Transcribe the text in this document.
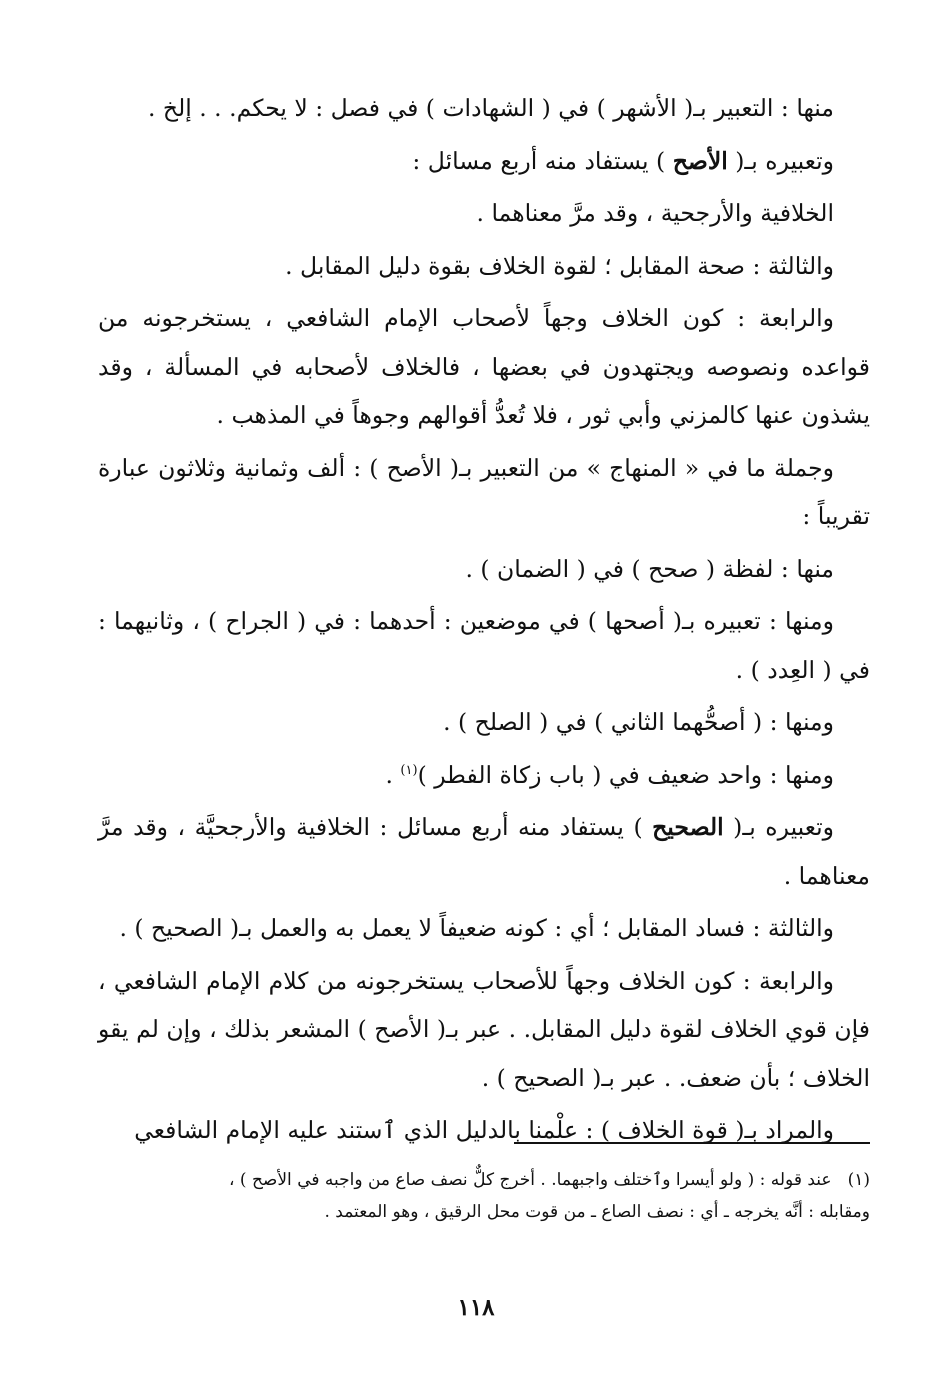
منها : التعبير بـ( الأشهر ) في ( الشهادات ) في فصل : لا يحكم. . . إلخ .

وتعبيره بـ( الأصح ) يستفاد منه أربع مسائل :

الخلافية والأرجحية ، وقد مرَّ معناهما .

والثالثة : صحة المقابل ؛ لقوة الخلاف بقوة دليل المقابل .

والرابعة : كون الخلاف وجهاً لأصحاب الإمام الشافعي ، يستخرجونه من قواعده ونصوصه ويجتهدون في بعضها ، فالخلاف لأصحابه في المسألة ، وقد يشذون عنها كالمزني وأبي ثور ، فلا تُعدُّ أقوالهم وجوهاً في المذهب .

وجملة ما في « المنهاج » من التعبير بـ( الأصح ) : ألف وثمانية وثلاثون عبارة تقريباً :

منها : لفظة ( صحح ) في ( الضمان ) .

ومنها : تعبيره بـ( أصحها ) في موضعين : أحدهما : في ( الجراح ) ، وثانيهما : في ( العِدد ) .

ومنها : ( أصحُّهما الثاني ) في ( الصلح ) .

ومنها : واحد ضعيف في ( باب زكاة الفطر )$^{(١)}$ .

وتعبيره بـ( الصحيح ) يستفاد منه أربع مسائل : الخلافية والأرجحيَّة ، وقد مرَّ معناهما .

والثالثة : فساد المقابل ؛ أي : كونه ضعيفاً لا يعمل به والعمل بـ( الصحيح ) .

والرابعة : كون الخلاف وجهاً للأصحاب يستخرجونه من كلام الإمام الشافعي ، فإن قوي الخلاف لقوة دليل المقابل. . عبر بـ( الأصح ) المشعر بذلك ، وإن لم يقو الخلاف ؛ بأن ضعف. . عبر بـ( الصحيح ) .

والمراد بـ( قوة الخلاف ) : علْمنا بالدليل الذي ٱستند عليه الإمام الشافعي

(١)عند قوله : ( ولو أيسرا وٱختلف واجبهما. . أخرج كلٌّ نصف صاع من واجبه في الأصح ) ،
ومقابله : أنَّه يخرجه ـ أي : نصف الصاع ـ من قوت محل الرقيق ، وهو المعتمد .
١١٨
